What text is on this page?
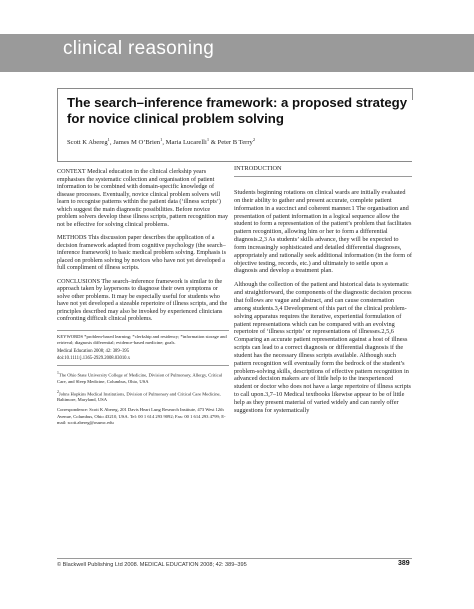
clinical reasoning
The search–inference framework: a proposed strategy for novice clinical problem solving
Scott K Abereg$^1$, James M O’Brien$^1$, Maria Lucarelli$^1$ & Peter B Terry$^2$

CONTEXT Medical education in the clinical clerkship years emphasises the systematic collection and organisation of patient information to be combined with domain-specific knowledge of disease processes. Eventually, novice clinical problem solvers will learn to recognise patterns within the patient data (‘illness scripts’) which suggest the main diagnostic possibilities. Before novice problem solvers develop these illness scripts, pattern recognition may not be effective for solving clinical problems.

METHODS This discussion paper describes the application of a decision framework adapted from cognitive psychology (the search–inference framework) to basic medical problem solving. Emphasis is placed on problem solving by novices who have not yet developed a full compliment of illness scripts.

CONCLUSIONS The search–inference framework is similar to the approach taken by laypersons to diagnose their own symptoms or solve other problems. It may be especially useful for students who have not yet developed a sizeable repertoire of illness scripts, and the principles described may also be invoked by experienced clinicians confronting difficult clinical problems.

KEYWORDS *problem-based learning; *clerkship and residency; *information storage and retrieval; diagnosis differential; evidence-based medicine; goals.
Medical Education 2008; 42: 389–395
doi:10.1111/j.1365-2929.2008.03010.x
$^1$The Ohio State University College of Medicine, Division of Pulmonary, Allergy, Critical Care, and Sleep Medicine, Columbus, Ohio, USA
$^2$Johns Hopkins Medical Institutions, Division of Pulmonary and Critical Care Medicine, Baltimore, Maryland, USA
Correspondence: Scott K Abereg, 201 Davis Heart Lung Research Institute, 473 West 12th Avenue, Columbus, Ohio 43210, USA. Tel: 00 1 614 293 9092; Fax: 00 1 614 293 4799; E-mail: scott.abereg@osumc.edu
INTRODUCTION

Students beginning rotations on clinical wards are initially evaluated on their ability to gather and present accurate, complete patient information in a succinct and coherent manner.1 The organisation and presentation of patient information in a logical sequence allow the student to form a representation of the patient’s problem that facilitates pattern recognition, allowing him or her to form a differential diagnosis.2,3 As students’ skills advance, they will be expected to form increasingly sophisticated and detailed differential diagnoses, appropriately and rationally seek additional information (in the form of objective testing, records, etc.) and ultimately to settle upon a diagnosis and develop a treatment plan.

Although the collection of the patient and historical data is systematic and straightforward, the components of the diagnostic decision process that follows are vague and abstract, and can cause consternation among students.3,4 Development of this part of the clinical problem-solving apparatus requires the iterative, experiential formulation of patient representations which can be compared with an evolving repertoire of ‘illness scripts’ or representations of illnesses.2,5,6 Comparing an accurate patient representation against a host of illness scripts can lead to a correct diagnosis or differential diagnosis if the student has the necessary illness scripts available. Although such pattern recognition will eventually form the bedrock of the student’s problem-solving skills, descriptions of effective pattern recognition in advanced decision makers are of little help to the inexperienced student or doctor who does not have a large repertoire of illness scripts to call upon.3,7–10 Medical textbooks likewise appear to be of little help as they present material of varied widely and can rarely offer suggestions for systematically

© Blackwell Publishing Ltd 2008. MEDICAL EDUCATION 2008; 42: 389–395	389
